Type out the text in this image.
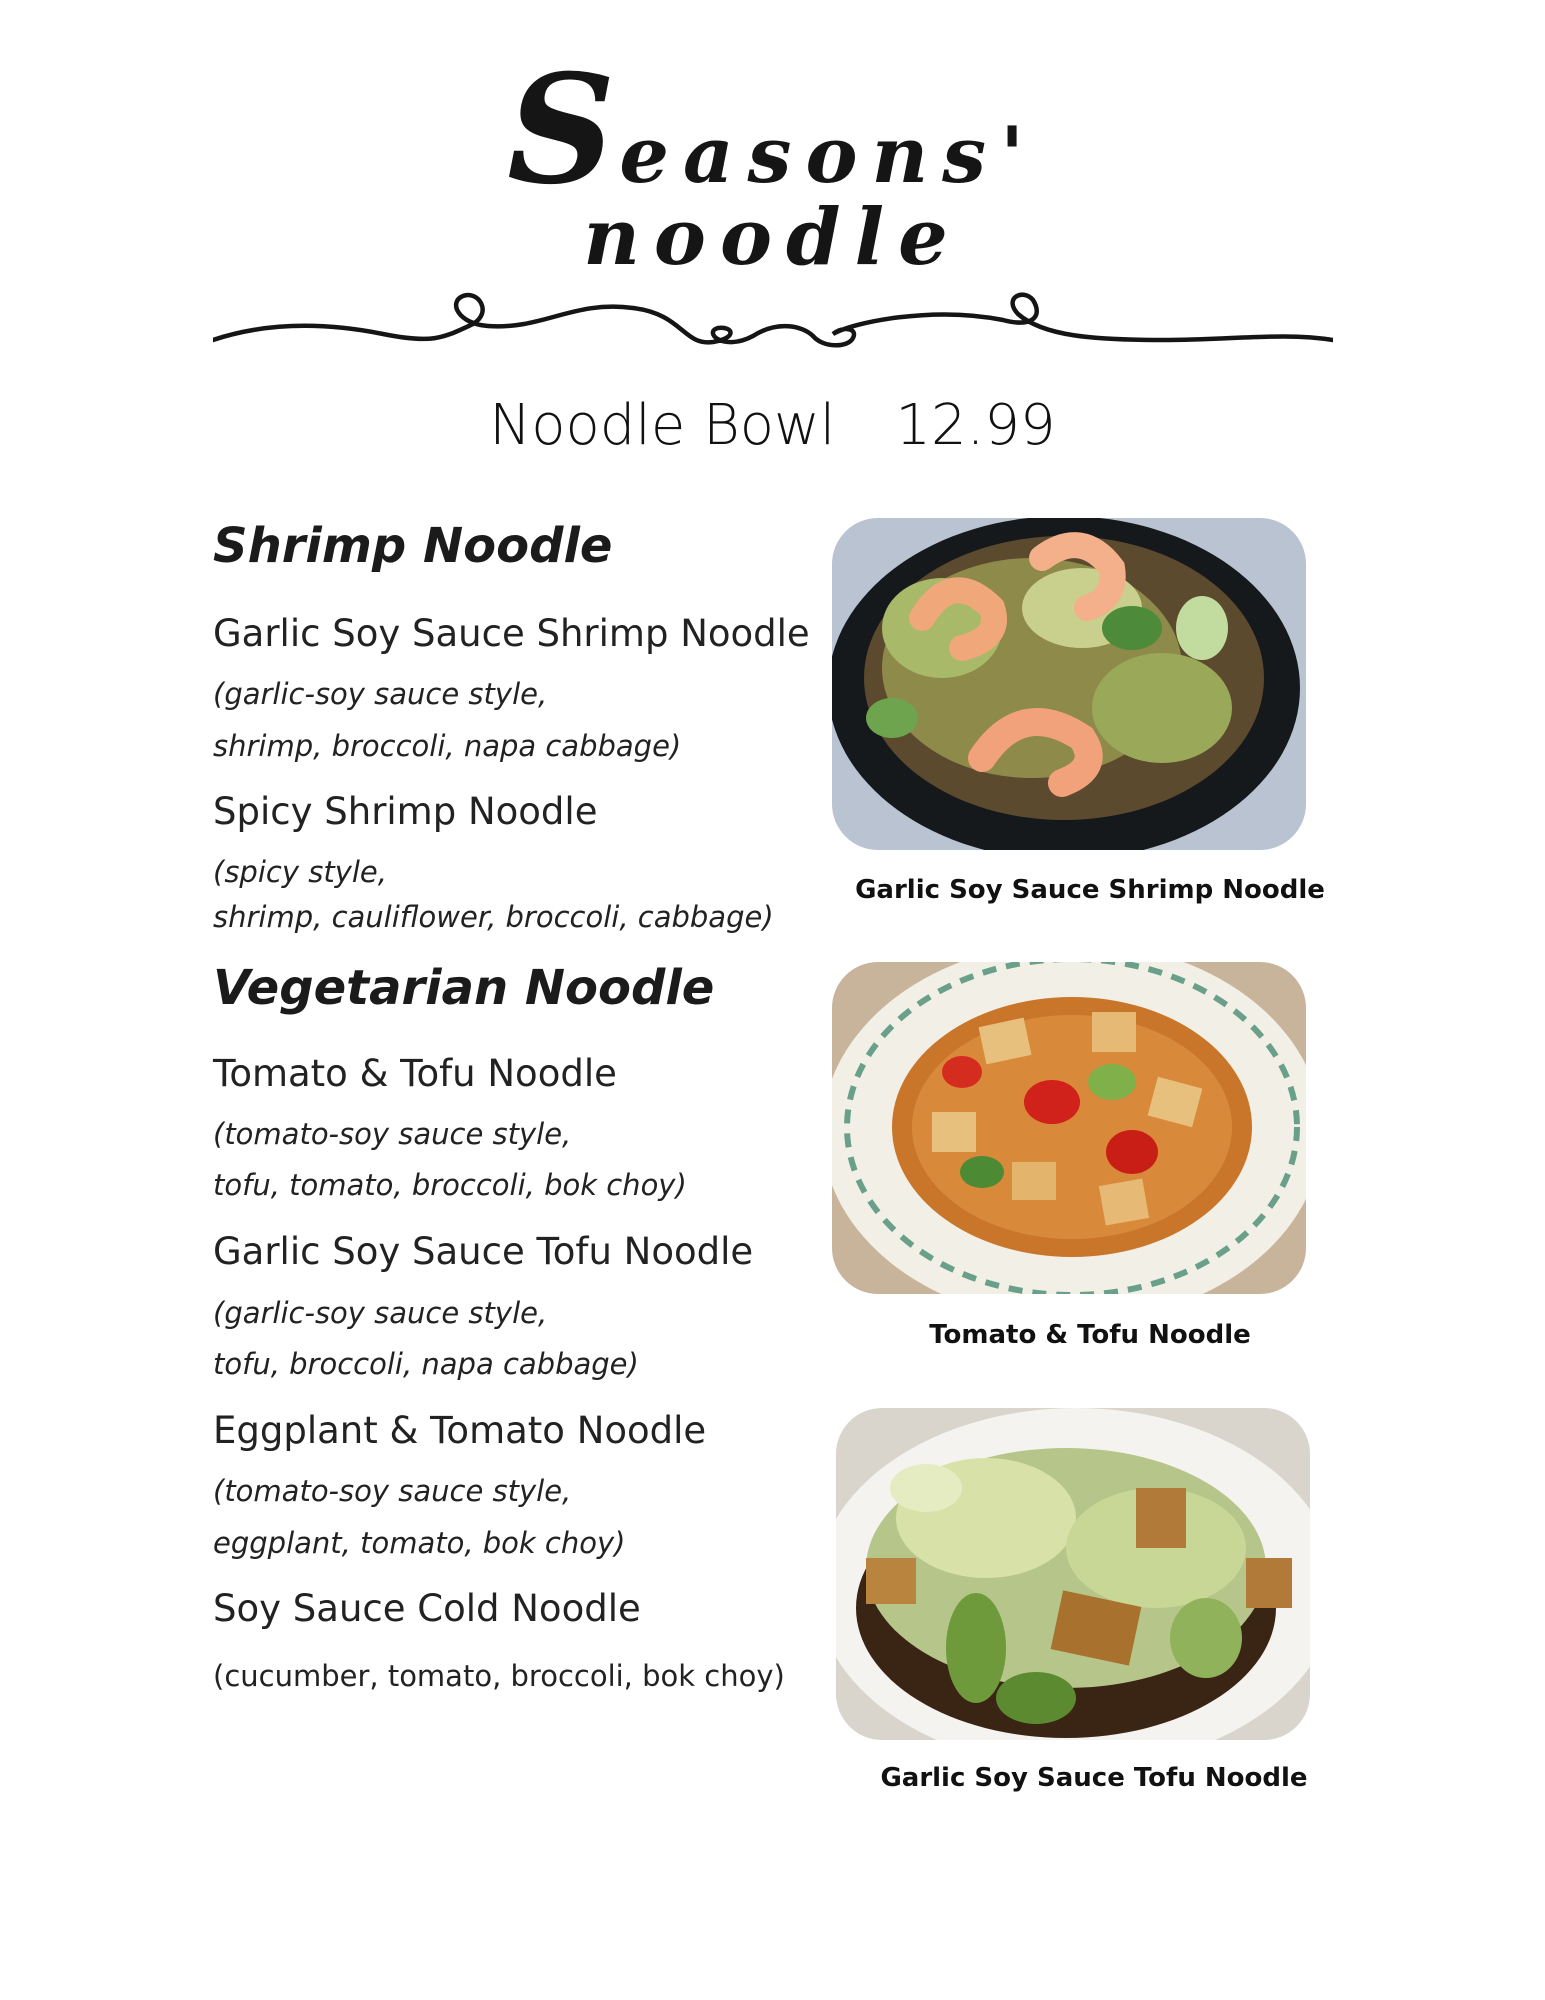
Seasons'
noodle
Noodle Bowl 12.99
Shrimp Noodle
Garlic Soy Sauce Shrimp Noodle
(garlic-soy sauce style,
shrimp, broccoli, napa cabbage)
Spicy Shrimp Noodle
(spicy style,
shrimp, cauliflower, broccoli, cabbage)
Vegetarian Noodle
Tomato & Tofu Noodle
(tomato-soy sauce style,
tofu, tomato, broccoli, bok choy)
Garlic Soy Sauce Tofu Noodle
(garlic-soy sauce style,
tofu, broccoli, napa cabbage)
Eggplant & Tomato Noodle
(tomato-soy sauce style,
eggplant, tomato, bok choy)
Soy Sauce Cold Noodle
(cucumber, tomato, broccoli, bok choy)
Garlic Soy Sauce Shrimp Noodle
Tomato & Tofu Noodle
Garlic Soy Sauce Tofu Noodle
